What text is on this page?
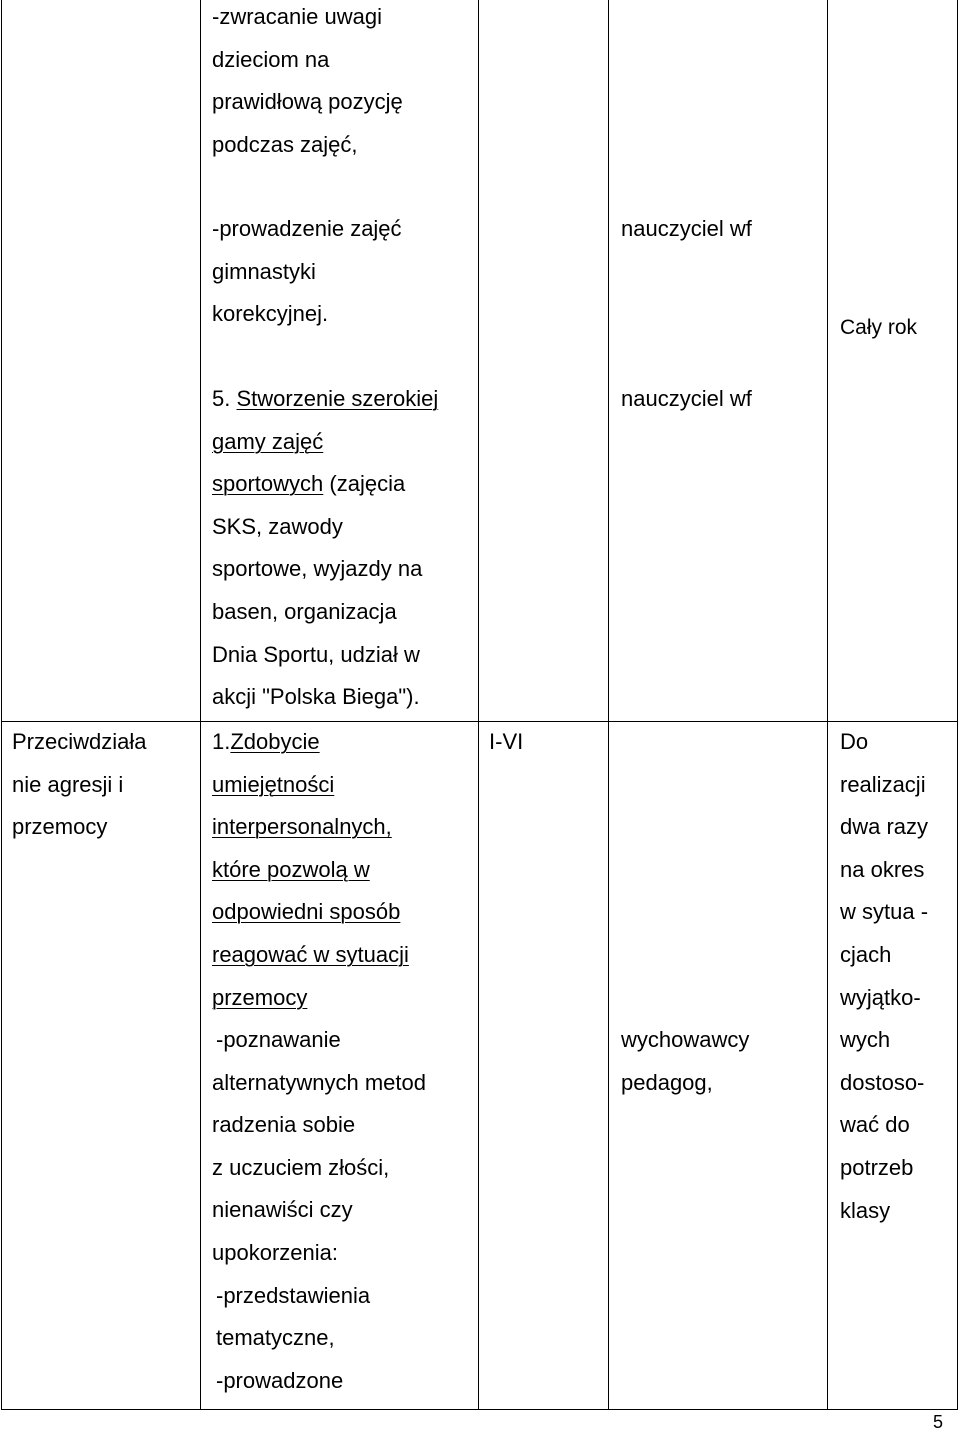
-zwracanie uwagi
dzieciom na
prawidłową pozycję
podczas zajęć,
-prowadzenie zajęć
gimnastyki
korekcyjnej.
nauczyciel wf
Cały rok
5. Stworzenie szerokiej
gamy zajęć
sportowych (zajęcia
SKS, zawody
sportowe, wyjazdy na
basen, organizacja
Dnia Sportu, udział w
akcji "Polska Biega").
nauczyciel wf
Przeciwdziała
nie agresji i
przemocy
1.Zdobycie
umiejętności
interpersonalnych,
które pozwolą w
odpowiedni sposób
reagować w sytuacji
przemocy
-poznawanie
alternatywnych metod
radzenia sobie
z uczuciem złości,
nienawiści czy
upokorzenia:
-przedstawienia
tematyczne,
-prowadzone
I-VI
wychowawcy
pedagog,
Do
realizacji
dwa razy
na okres
w sytua -
cjach
wyjątko-
wych
dostoso-
wać do
potrzeb
klasy
5
